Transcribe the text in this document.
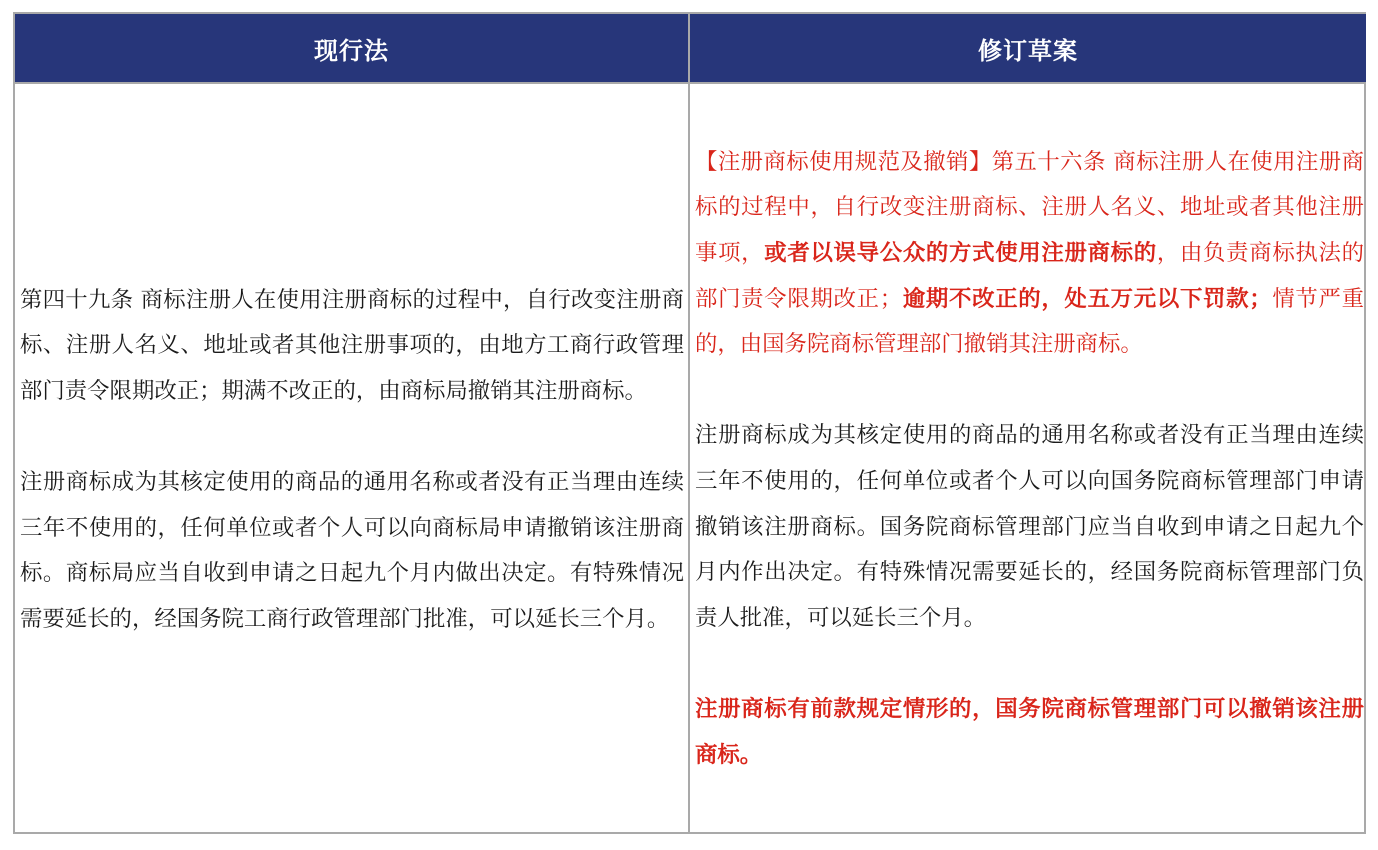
现行法	修订草案

第四十九条 商标注册人在使用注册商标的过程中，自行改变注册商标、注册人名义、地址或者其他注册事项的，由地方工商行政管理部门责令限期改正；期满不改正的，由商标局撤销其注册商标。

注册商标成为其核定使用的商品的通用名称或者没有正当理由连续三年不使用的，任何单位或者个人可以向商标局申请撤销该注册商标。商标局应当自收到申请之日起九个月内做出决定。有特殊情况需要延长的，经国务院工商行政管理部门批准，可以延长三个月。

【注册商标使用规范及撤销】第五十六条 商标注册人在使用注册商标的过程中，自行改变注册商标、注册人名义、地址或者其他注册事项，或者以误导公众的方式使用注册商标的，由负责商标执法的部门责令限期改正；逾期不改正的，处五万元以下罚款；情节严重的，由国务院商标管理部门撤销其注册商标。

注册商标成为其核定使用的商品的通用名称或者没有正当理由连续三年不使用的，任何单位或者个人可以向国务院商标管理部门申请撤销该注册商标。国务院商标管理部门应当自收到申请之日起九个月内作出决定。有特殊情况需要延长的，经国务院商标管理部门负责人批准，可以延长三个月。

注册商标有前款规定情形的，国务院商标管理部门可以撤销该注册商标。
